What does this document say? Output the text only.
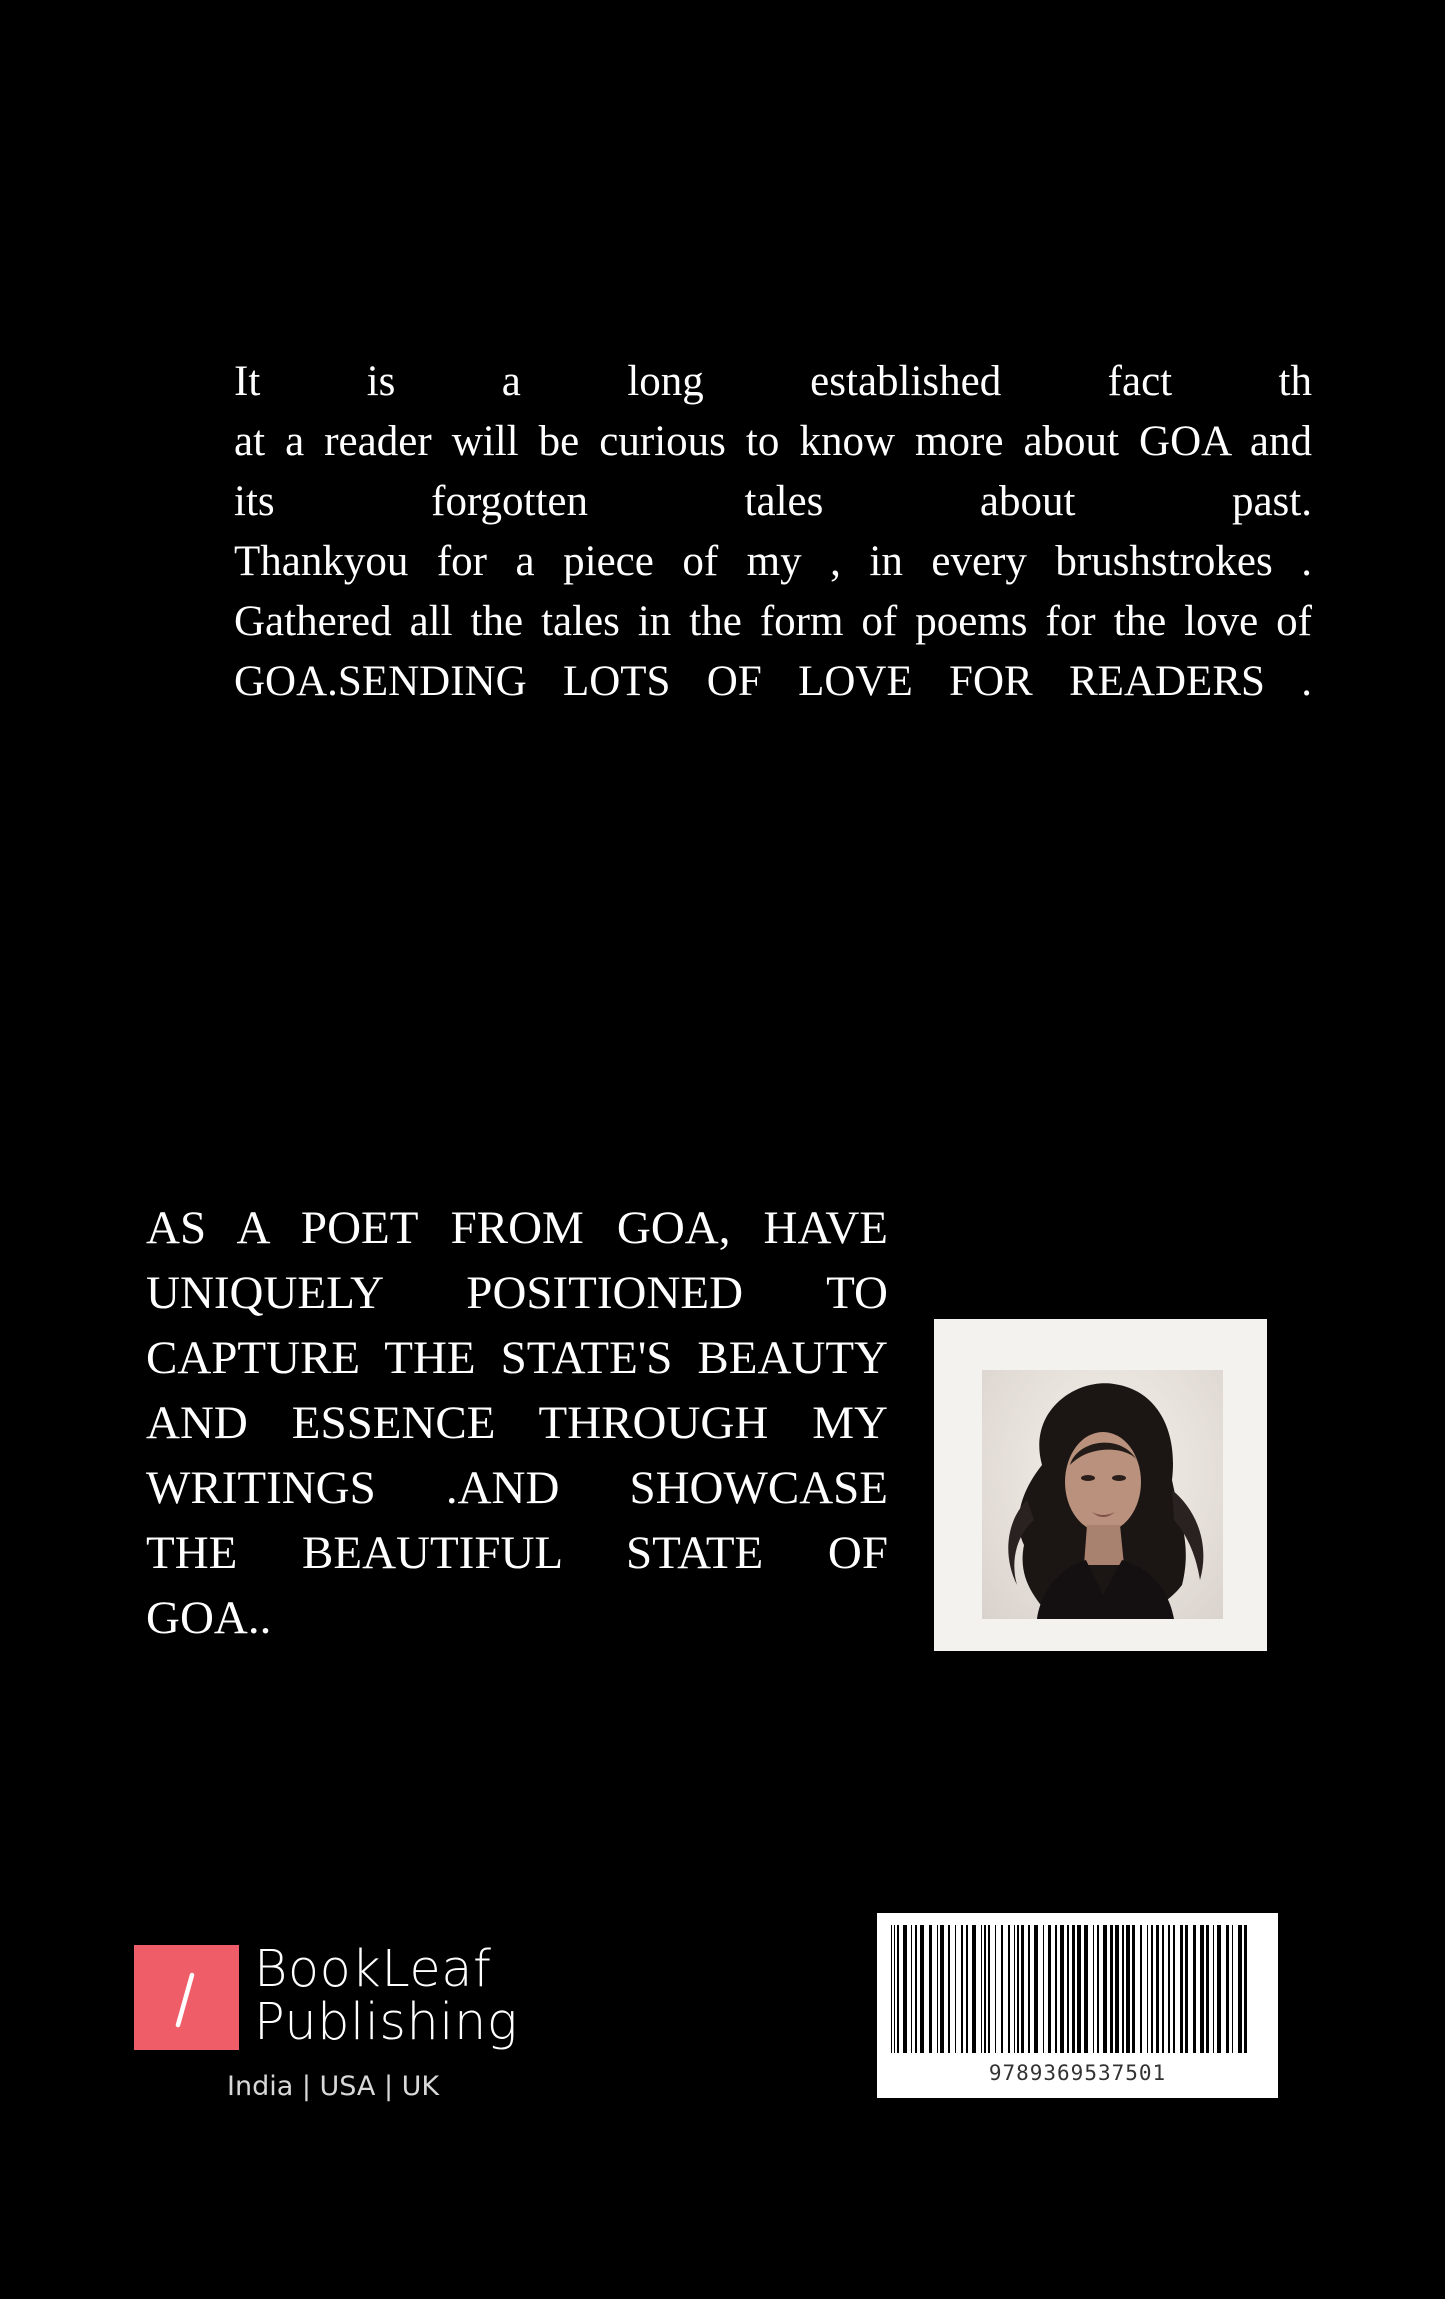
It is a long established fact th
at a reader will be curious to know more about GOA and
its forgotten tales about past.
Thankyou for a piece of my , in every brushstrokes .
Gathered all the tales in the form of poems for the love of
GOA.SENDING LOTS OF LOVE FOR READERS .
AS A POET FROM GOA, HAVE
UNIQUELY POSITIONED TO
CAPTURE THE STATE'S BEAUTY
AND ESSENCE THROUGH MY
WRITINGS .AND SHOWCASE
THE BEAUTIFUL STATE OF
GOA..
BookLeaf
Publishing
India | USA | UK	9789369537501
